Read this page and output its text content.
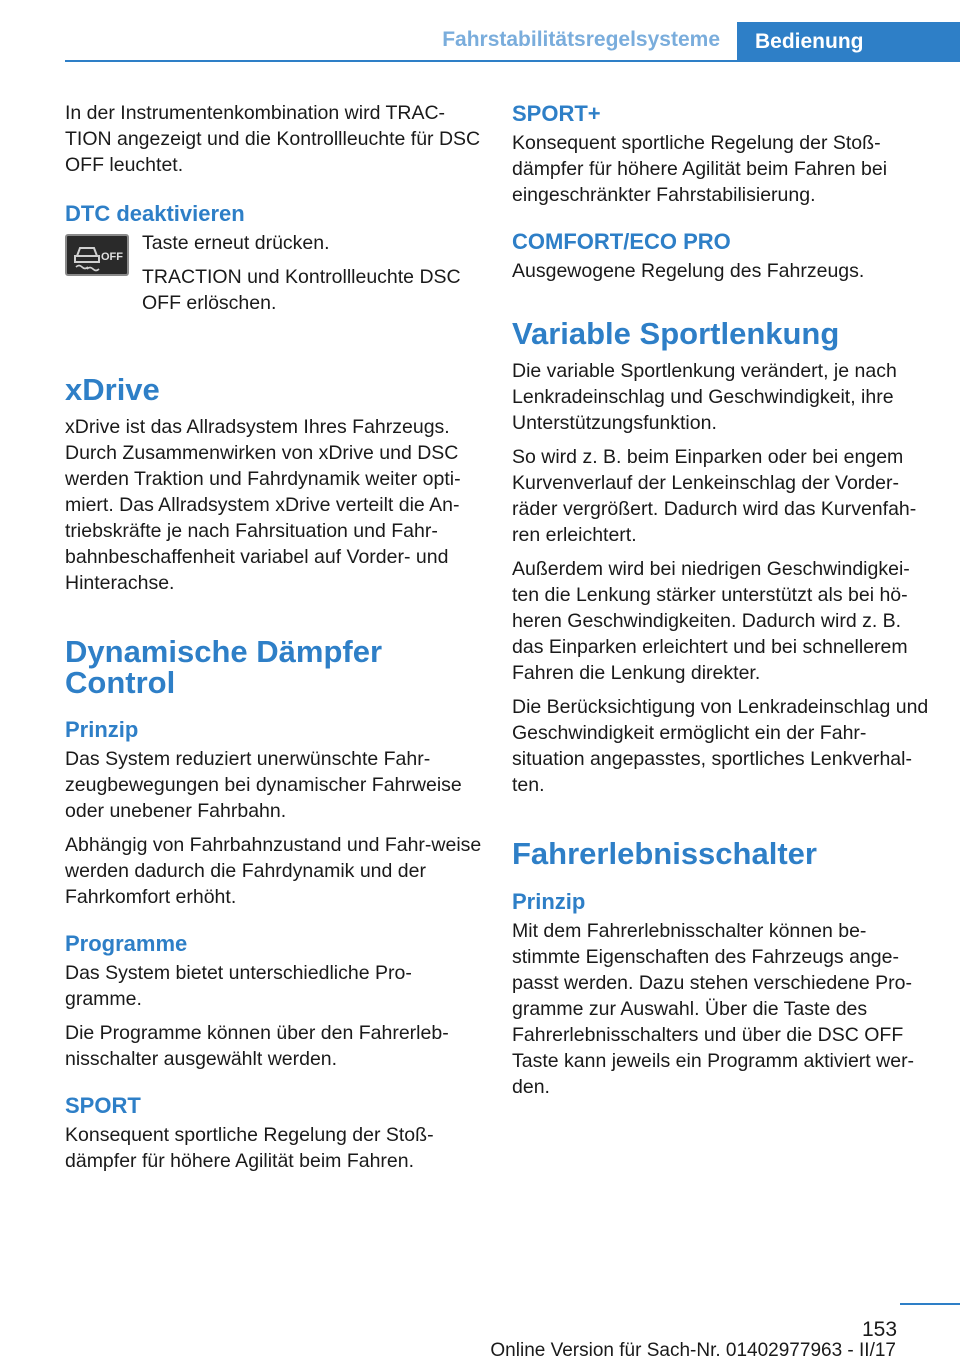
Fahrstabilitätsregelsysteme	Bedienung

In der Instrumentenkombination wird TRAC-TION angezeigt und die Kontrollleuchte für DSC OFF leuchtet.

DTC deaktivieren
OFF

Taste erneut drücken.

TRACTION und Kontrollleuchte DSC OFF erlöschen.

xDrive

xDrive ist das Allradsystem Ihres Fahrzeugs. Durch Zusammenwirken von xDrive und DSC werden Traktion und Fahrdynamik weiter opti-miert. Das Allradsystem xDrive verteilt die An-triebskräfte je nach Fahrsituation und Fahr-bahnbeschaffenheit variabel auf Vorder- und Hinterachse.

Dynamische Dämpfer Control
Prinzip

Das System reduziert unerwünschte Fahr-zeugbewegungen bei dynamischer Fahrweise oder unebener Fahrbahn.

Abhängig von Fahrbahnzustand und Fahr-weise werden dadurch die Fahrdynamik und der Fahrkomfort erhöht.

Programme

Das System bietet unterschiedliche Pro-gramme.

Die Programme können über den Fahrerleb-nisschalter ausgewählt werden.

SPORT

Konsequent sportliche Regelung der Stoß-dämpfer für höhere Agilität beim Fahren.

SPORT+

Konsequent sportliche Regelung der Stoß-dämpfer für höhere Agilität beim Fahren bei eingeschränkter Fahrstabilisierung.

COMFORT/ECO PRO

Ausgewogene Regelung des Fahrzeugs.

Variable Sportlenkung

Die variable Sportlenkung verändert, je nach Lenkradeinschlag und Geschwindigkeit, ihre Unterstützungsfunktion.

So wird z. B. beim Einparken oder bei engem Kurvenverlauf der Lenkeinschlag der Vorder-räder vergrößert. Dadurch wird das Kurvenfah-ren erleichtert.

Außerdem wird bei niedrigen Geschwindigkei-ten die Lenkung stärker unterstützt als bei hö-heren Geschwindigkeiten. Dadurch wird z. B. das Einparken erleichtert und bei schnellerem Fahren die Lenkung direkter.

Die Berücksichtigung von Lenkradeinschlag und Geschwindigkeit ermöglicht ein der Fahr-situation angepasstes, sportliches Lenkverhal-ten.

Fahrerlebnisschalter
Prinzip

Mit dem Fahrerlebnisschalter können be-stimmte Eigenschaften des Fahrzeugs ange-passt werden. Dazu stehen verschiedene Pro-gramme zur Auswahl. Über die Taste des Fahrerlebnisschalters und über die DSC OFF Taste kann jeweils ein Programm aktiviert wer-den.

153
Online Version für Sach-Nr. 01402977963 - II/17
